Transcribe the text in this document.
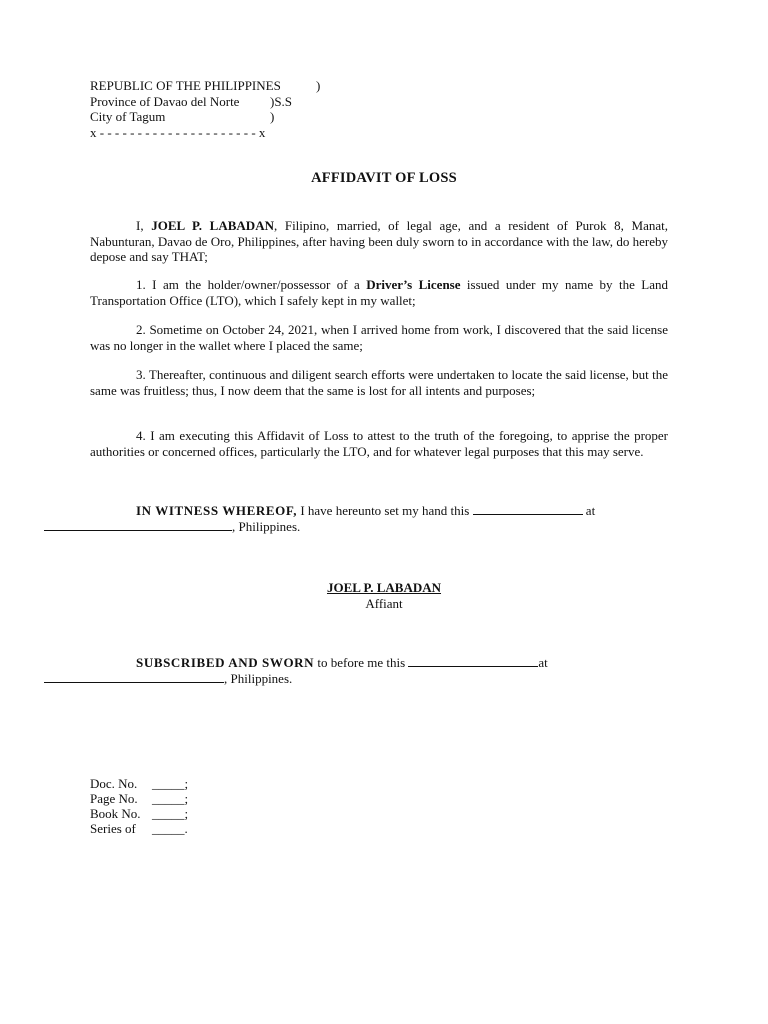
REPUBLIC OF THE PHILIPPINES	)
Province of Davao del Norte )S.S
City of Tagum	)
x - - - - - - - - - - - - - - - - - - - - - x
AFFIDAVIT OF LOSS
I, JOEL P. LABADAN, Filipino, married, of legal age, and a resident of Purok 8, Manat, Nabunturan, Davao de Oro, Philippines, after having been duly sworn to in accordance with the law, do hereby depose and say THAT;
1. I am the holder/owner/possessor of a Driver’s License issued under my name by the Land Transportation Office (LTO), which I safely kept in my wallet;
2. Sometime on October 24, 2021, when I arrived home from work, I discovered that the said license was no longer in the wallet where I placed the same;
3. Thereafter, continuous and diligent search efforts were undertaken to locate the said license, but the same was fruitless; thus, I now deem that the same is lost for all intents and purposes;
4. I am executing this Affidavit of Loss to attest to the truth of the foregoing, to apprise the proper authorities or concerned offices, particularly the LTO, and for whatever legal purposes that this may serve.
IN WITNESS WHEREOF, I have hereunto set my hand this	at
, Philippines.
JOEL P. LABADAN
Affiant
SUBSCRIBED AND SWORN to before me this	at
, Philippines.
Doc. No. _____;
Page No. _____;
Book No. _____;
Series of _____.
